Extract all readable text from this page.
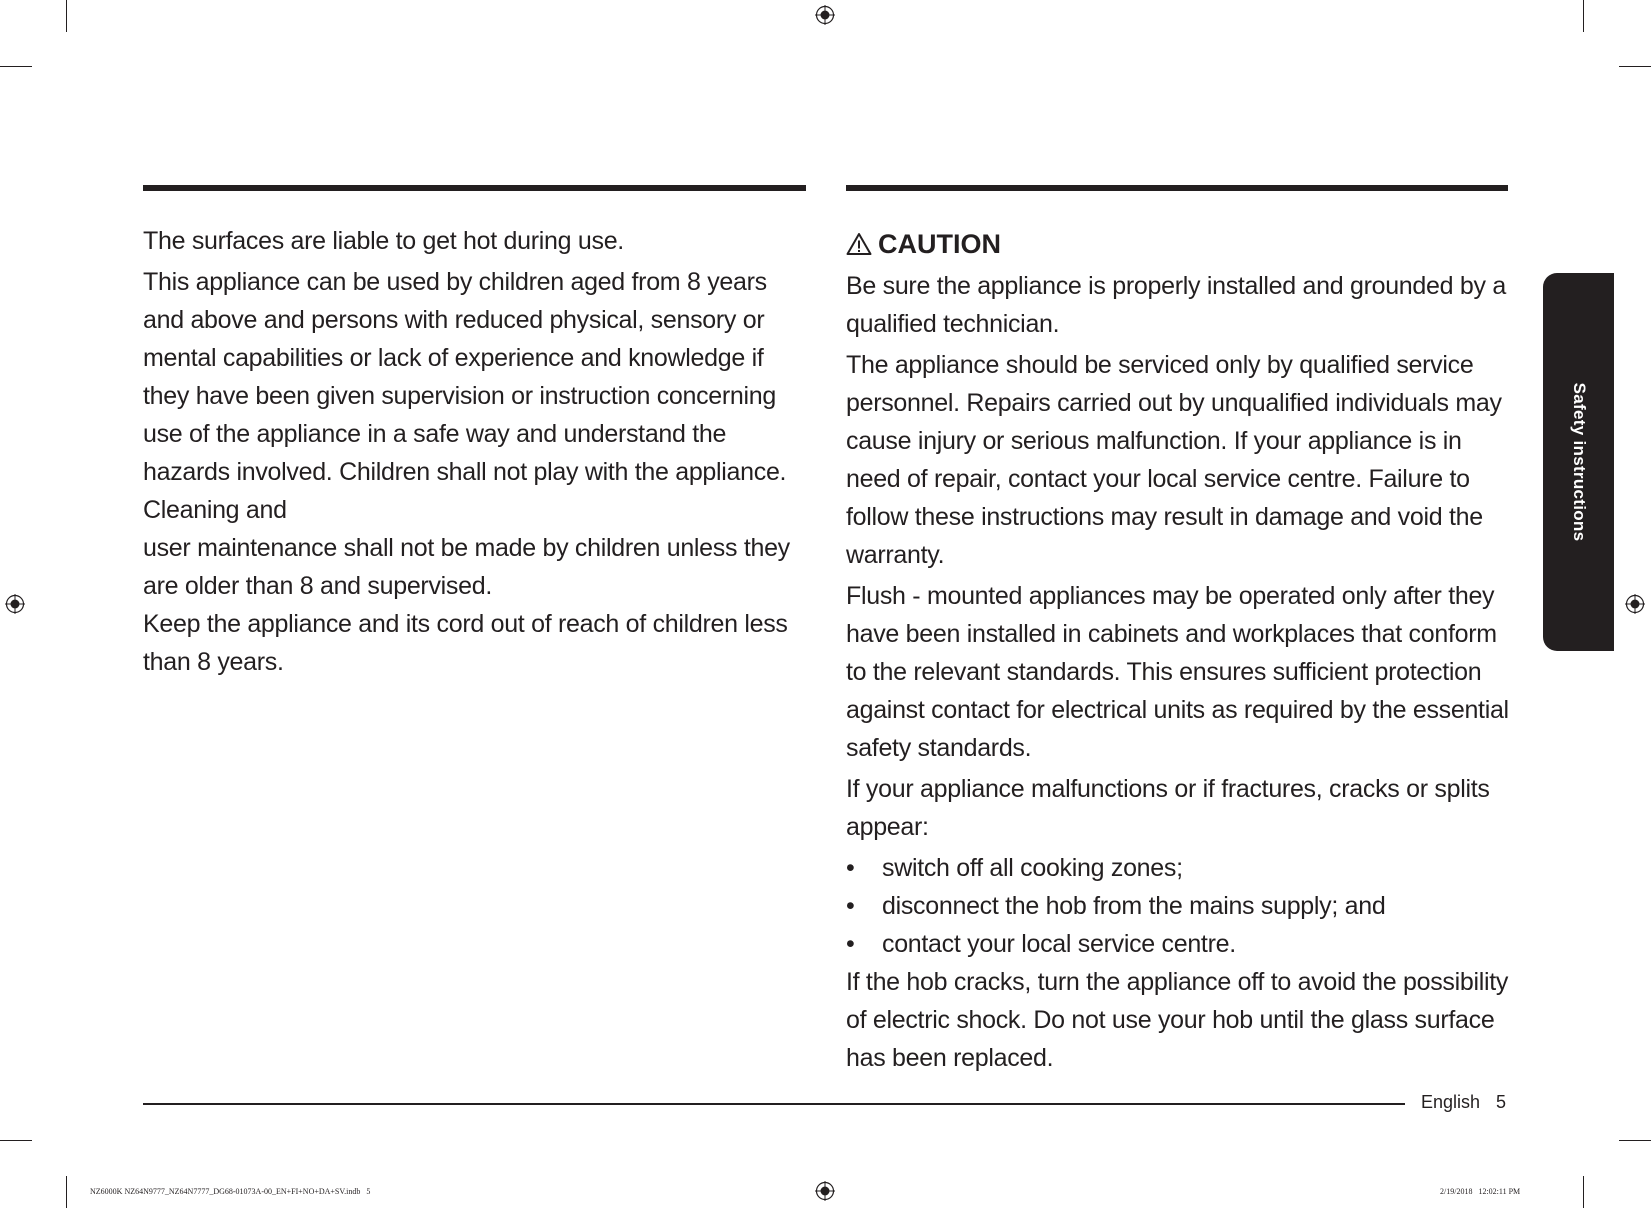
The surfaces are liable to get hot during use.

This appliance can be used by children aged from 8 years and above and persons with reduced physical, sensory or mental capabilities or lack of experience and knowledge if they have been given supervision or instruction concerning use of the appliance in a safe way and understand the hazards involved. Children shall not play with the appliance. Cleaning and

user maintenance shall not be made by children unless they are older than 8 and supervised.

Keep the appliance and its cord out of reach of children less than 8 years.

CAUTION

Be sure the appliance is properly installed and grounded by a qualified technician.

The appliance should be serviced only by qualified service personnel. Repairs carried out by unqualified individuals may cause injury or serious malfunction. If your appliance is in need of repair, contact your local service centre. Failure to follow these instructions may result in damage and void the warranty.

Flush - mounted appliances may be operated only after they have been installed in cabinets and workplaces that conform to the relevant standards. This ensures sufficient protection against contact for electrical units as required by the essential safety standards.

If your appliance malfunctions or if fractures, cracks or splits appear:

• switch off all cooking zones;
• disconnect the hob from the mains supply; and
• contact your local service centre.

If the hob cracks, turn the appliance off to avoid the possibility of electric shock. Do not use your hob until the glass surface has been replaced.

Safety instructions
English 5
NZ6000K NZ64N9777_NZ64N7777_DG68-01073A-00_EN+FI+NO+DA+SV.indb   5	2/19/2018   12:02:11 PM
